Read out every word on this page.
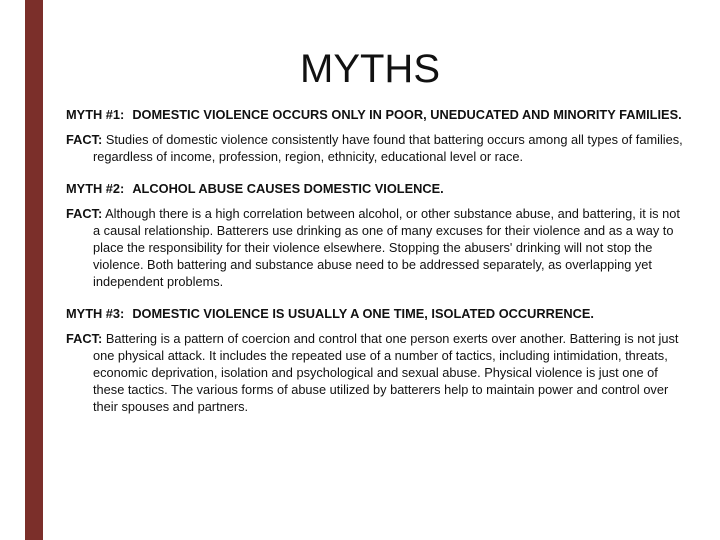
MYTHS
MYTH #1: DOMESTIC VIOLENCE OCCURS ONLY IN POOR, UNEDUCATED AND MINORITY FAMILIES.
FACT: Studies of domestic violence consistently have found that battering occurs among all types of families, regardless of income, profession, region, ethnicity, educational level or race.
MYTH #2: ALCOHOL ABUSE CAUSES DOMESTIC VIOLENCE.
FACT: Although there is a high correlation between alcohol, or other substance abuse, and battering, it is not a causal relationship. Batterers use drinking as one of many excuses for their violence and as a way to place the responsibility for their violence elsewhere. Stopping the abusers' drinking will not stop the violence. Both battering and substance abuse need to be addressed separately, as overlapping yet independent problems.
MYTH #3: DOMESTIC VIOLENCE IS USUALLY A ONE TIME, ISOLATED OCCURRENCE.
FACT: Battering is a pattern of coercion and control that one person exerts over another. Battering is not just one physical attack. It includes the repeated use of a number of tactics, including intimidation, threats, economic deprivation, isolation and psychological and sexual abuse. Physical violence is just one of these tactics. The various forms of abuse utilized by batterers help to maintain power and control over their spouses and partners.
